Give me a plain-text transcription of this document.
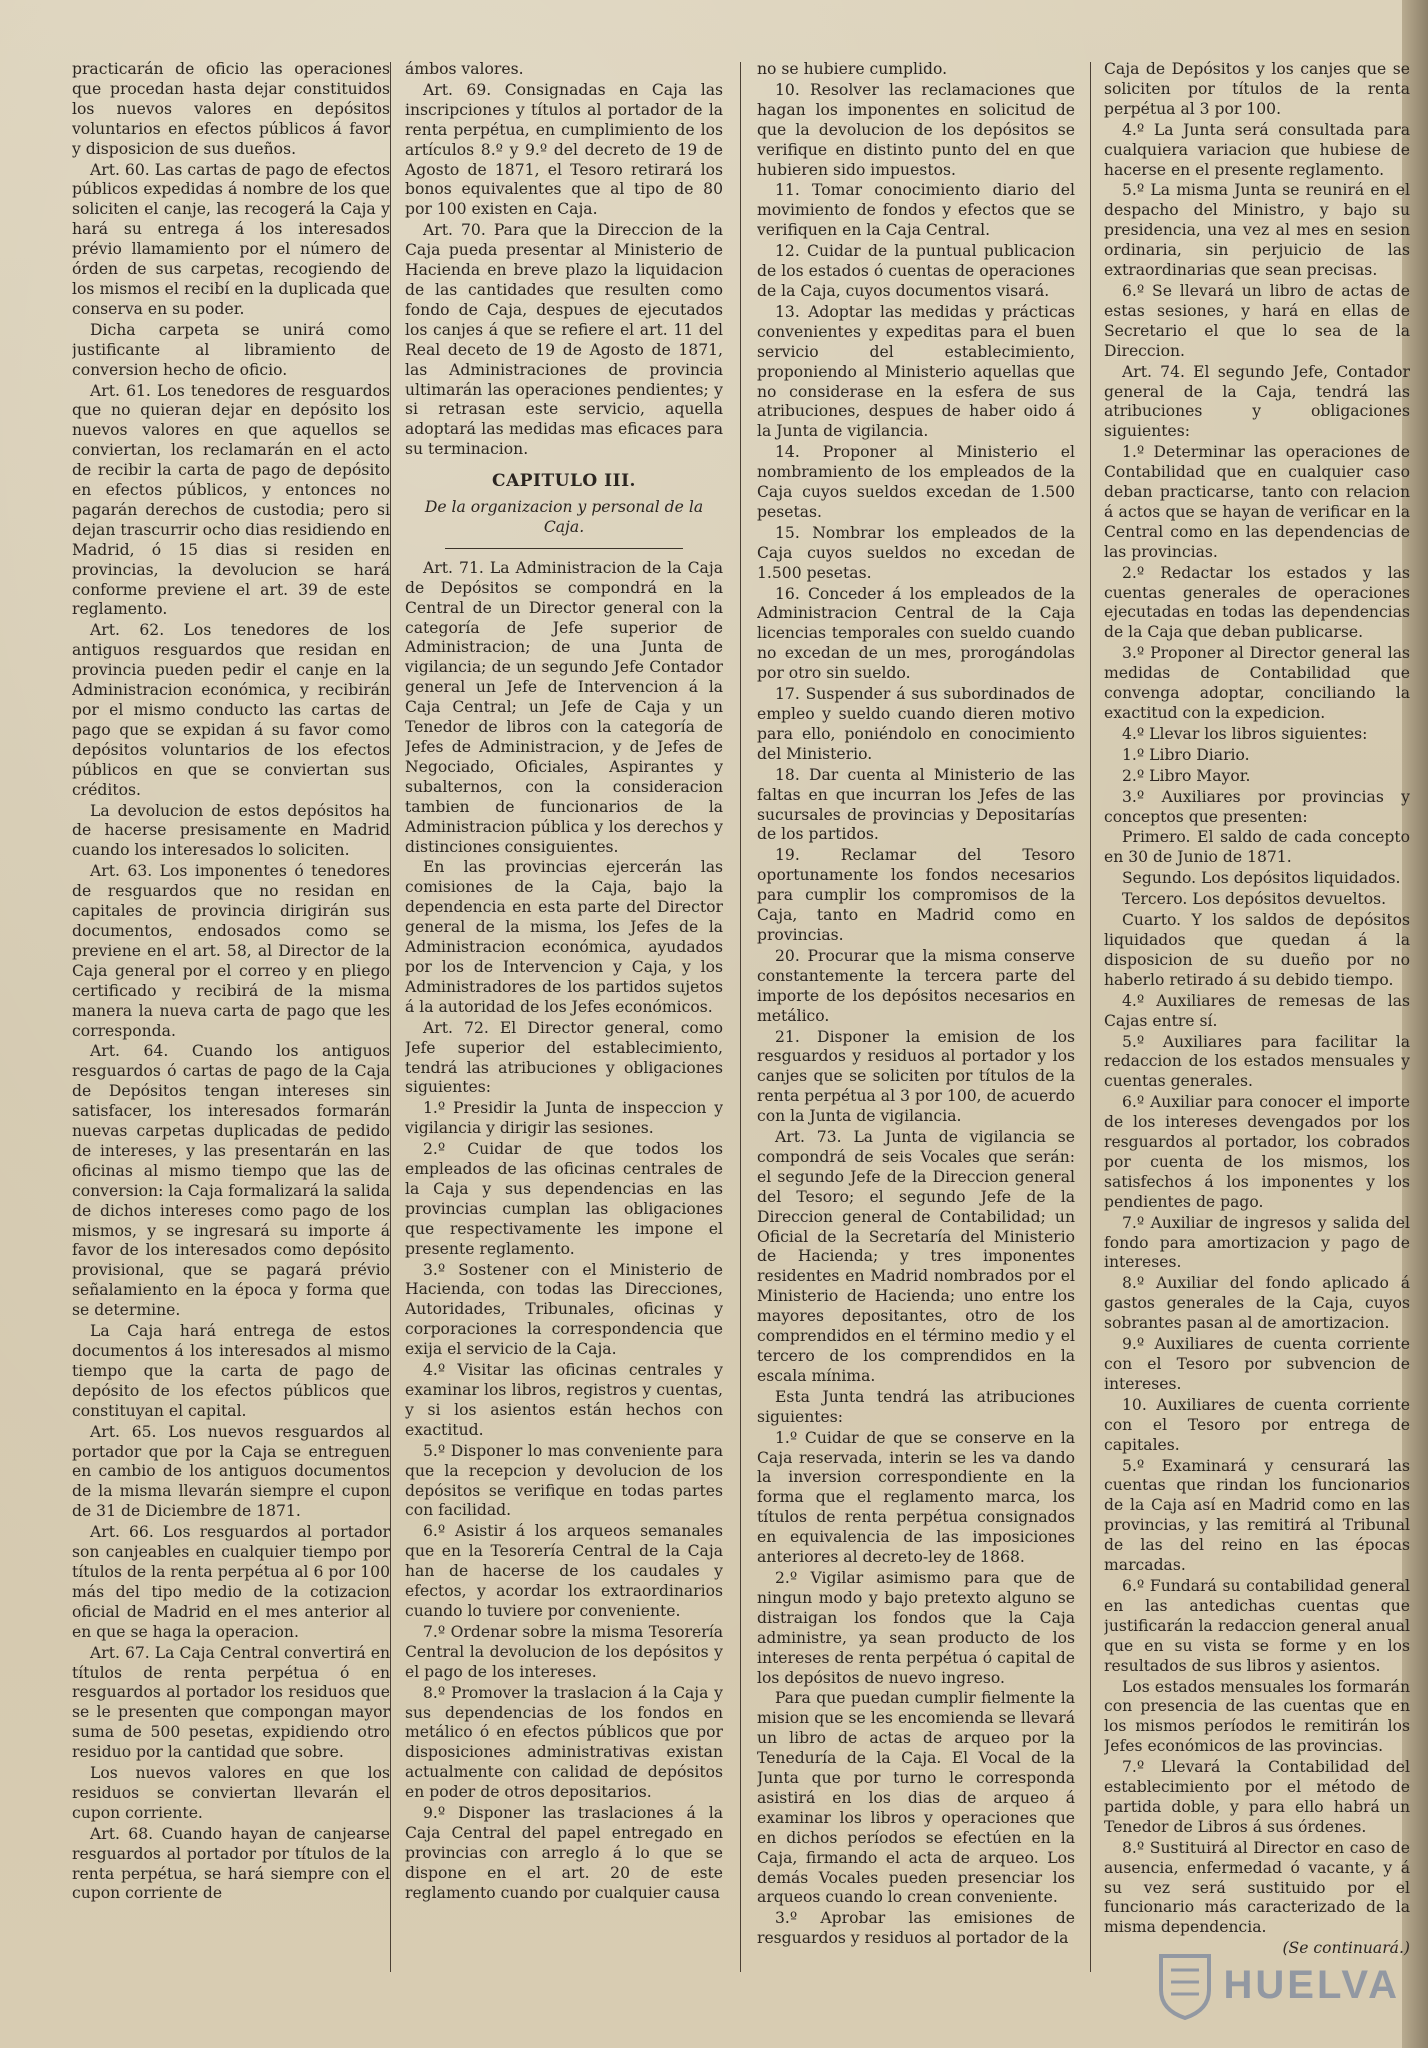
practicarán de oficio las operaciones que procedan hasta dejar constituidos los nuevos valores en depósitos voluntarios en efectos públicos á favor y disposicion de sus dueños.

Art. 60. Las cartas de pago de efectos públicos expedidas á nombre de los que soliciten el canje, las recogerá la Caja y hará su entrega á los interesados prévio llamamiento por el número de órden de sus carpetas, recogiendo de los mismos el recibí en la duplicada que conserva en su poder.

Dicha carpeta se unirá como justificante al libramiento de conversion hecho de oficio.

Art. 61. Los tenedores de resguardos que no quieran dejar en depósito los nuevos valores en que aquellos se conviertan, los reclamarán en el acto de recibir la carta de pago de depósito en efectos públicos, y entonces no pagarán derechos de custodia; pero si dejan trascurrir ocho dias residiendo en Madrid, ó 15 dias si residen en provincias, la devolucion se hará conforme previene el art. 39 de este reglamento.

Art. 62. Los tenedores de los antiguos resguardos que residan en provincia pueden pedir el canje en la Administracion económica, y recibirán por el mismo conducto las cartas de pago que se expidan á su favor como depósitos voluntarios de los efectos públicos en que se conviertan sus créditos.

La devolucion de estos depósitos ha de hacerse presisamente en Madrid cuando los interesados lo soliciten.

Art. 63. Los imponentes ó tenedores de resguardos que no residan en capitales de provincia dirigirán sus documentos, endosados como se previene en el art. 58, al Director de la Caja general por el correo y en pliego certificado y recibirá de la misma manera la nueva carta de pago que les corresponda.

Art. 64. Cuando los antiguos resguardos ó cartas de pago de la Caja de Depósitos tengan intereses sin satisfacer, los interesados formarán nuevas carpetas duplicadas de pedido de intereses, y las presentarán en las oficinas al mismo tiempo que las de conversion: la Caja formalizará la salida de dichos intereses como pago de los mismos, y se ingresará su importe á favor de los interesados como depósito provisional, que se pagará prévio señalamiento en la época y forma que se determine.

La Caja hará entrega de estos documentos á los interesados al mismo tiempo que la carta de pago de depósito de los efectos públicos que constituyan el capital.

Art. 65. Los nuevos resguardos al portador que por la Caja se entreguen en cambio de los antiguos documentos de la misma llevarán siempre el cupon de 31 de Diciembre de 1871.

Art. 66. Los resguardos al portador son canjeables en cualquier tiempo por títulos de la renta perpétua al 6 por 100 más del tipo medio de la cotizacion oficial de Madrid en el mes anterior al en que se haga la operacion.

Art. 67. La Caja Central convertirá en títulos de renta perpétua ó en resguardos al portador los residuos que se le presenten que compongan mayor suma de 500 pesetas, expidiendo otro residuo por la cantidad que sobre.

Los nuevos valores en que los residuos se conviertan llevarán el cupon corriente.

Art. 68. Cuando hayan de canjearse resguardos al portador por títulos de la renta perpétua, se hará siempre con el cupon corriente de

ámbos valores.

Art. 69. Consignadas en Caja las inscripciones y títulos al portador de la renta perpétua, en cumplimiento de los artículos 8.º y 9.º del decreto de 19 de Agosto de 1871, el Tesoro retirará los bonos equivalentes que al tipo de 80 por 100 existen en Caja.

Art. 70. Para que la Direccion de la Caja pueda presentar al Ministerio de Hacienda en breve plazo la liquidacion de las cantidades que resulten como fondo de Caja, despues de ejecutados los canjes á que se refiere el art. 11 del Real deceto de 19 de Agosto de 1871, las Administraciones de provincia ultimarán las operaciones pendientes; y si retrasan este servicio, aquella adoptará las medidas mas eficaces para su terminacion.

CAPITULO III.
De la organizacion y personal de la Caja.

Art. 71. La Administracion de la Caja de Depósitos se compondrá en la Central de un Director general con la categoría de Jefe superior de Administracion; de una Junta de vigilancia; de un segundo Jefe Contador general un Jefe de Intervencion á la Caja Central; un Jefe de Caja y un Tenedor de libros con la categoría de Jefes de Administracion, y de Jefes de Negociado, Oficiales, Aspirantes y subalternos, con la consideracion tambien de funcionarios de la Administracion pública y los derechos y distinciones consiguientes.

En las provincias ejercerán las comisiones de la Caja, bajo la dependencia en esta parte del Director general de la misma, los Jefes de la Administracion económica, ayudados por los de Intervencion y Caja, y los Administradores de los partidos sujetos á la autoridad de los Jefes económicos.

Art. 72. El Director general, como Jefe superior del establecimiento, tendrá las atribuciones y obligaciones siguientes:

1.º Presidir la Junta de inspeccion y vigilancia y dirigir las sesiones.

2.º Cuidar de que todos los empleados de las oficinas centrales de la Caja y sus dependencias en las provincias cumplan las obligaciones que respectivamente les impone el presente reglamento.

3.º Sostener con el Ministerio de Hacienda, con todas las Direcciones, Autoridades, Tribunales, oficinas y corporaciones la correspondencia que exija el servicio de la Caja.

4.º Visitar las oficinas centrales y examinar los libros, registros y cuentas, y si los asientos están hechos con exactitud.

5.º Disponer lo mas conveniente para que la recepcion y devolucion de los depósitos se verifique en todas partes con facilidad.

6.º Asistir á los arqueos semanales que en la Tesorería Central de la Caja han de hacerse de los caudales y efectos, y acordar los extraordinarios cuando lo tuviere por conveniente.

7.º Ordenar sobre la misma Tesorería Central la devolucion de los depósitos y el pago de los intereses.

8.º Promover la traslacion á la Caja y sus dependencias de los fondos en metálico ó en efectos públicos que por disposiciones administrativas existan actualmente con calidad de depósitos en poder de otros depositarios.

9.º Disponer las traslaciones á la Caja Central del papel entregado en provincias con arreglo á lo que se dispone en el art. 20 de este reglamento cuando por cualquier causa

no se hubiere cumplido.

10. Resolver las reclamaciones que hagan los imponentes en solicitud de que la devolucion de los depósitos se verifique en distinto punto del en que hubieren sido impuestos.

11. Tomar conocimiento diario del movimiento de fondos y efectos que se verifiquen en la Caja Central.

12. Cuidar de la puntual publicacion de los estados ó cuentas de operaciones de la Caja, cuyos documentos visará.

13. Adoptar las medidas y prácticas convenientes y expeditas para el buen servicio del establecimiento, proponiendo al Ministerio aquellas que no considerase en la esfera de sus atribuciones, despues de haber oido á la Junta de vigilancia.

14. Proponer al Ministerio el nombramiento de los empleados de la Caja cuyos sueldos excedan de 1.500 pesetas.

15. Nombrar los empleados de la Caja cuyos sueldos no excedan de 1.500 pesetas.

16. Conceder á los empleados de la Administracion Central de la Caja licencias temporales con sueldo cuando no excedan de un mes, prorogándolas por otro sin sueldo.

17. Suspender á sus subordinados de empleo y sueldo cuando dieren motivo para ello, poniéndolo en conocimiento del Ministerio.

18. Dar cuenta al Ministerio de las faltas en que incurran los Jefes de las sucursales de provincias y Depositarías de los partidos.

19. Reclamar del Tesoro oportunamente los fondos necesarios para cumplir los compromisos de la Caja, tanto en Madrid como en provincias.

20. Procurar que la misma conserve constantemente la tercera parte del importe de los depósitos necesarios en metálico.

21. Disponer la emision de los resguardos y residuos al portador y los canjes que se soliciten por títulos de la renta perpétua al 3 por 100, de acuerdo con la Junta de vigilancia.

Art. 73. La Junta de vigilancia se compondrá de seis Vocales que serán: el segundo Jefe de la Direccion general del Tesoro; el segundo Jefe de la Direccion general de Contabilidad; un Oficial de la Secretaría del Ministerio de Hacienda; y tres imponentes residentes en Madrid nombrados por el Ministerio de Hacienda; uno entre los mayores depositantes, otro de los comprendidos en el término medio y el tercero de los comprendidos en la escala mínima.

Esta Junta tendrá las atribuciones siguientes:

1.º Cuidar de que se conserve en la Caja reservada, interin se les va dando la inversion correspondiente en la forma que el reglamento marca, los títulos de renta perpétua consignados en equivalencia de las imposiciones anteriores al decreto-ley de 1868.

2.º Vigilar asimismo para que de ningun modo y bajo pretexto alguno se distraigan los fondos que la Caja administre, ya sean producto de los intereses de renta perpétua ó capital de los depósitos de nuevo ingreso.

Para que puedan cumplir fielmente la mision que se les encomienda se llevará un libro de actas de arqueo por la Teneduría de la Caja. El Vocal de la Junta que por turno le corresponda asistirá en los dias de arqueo á examinar los libros y operaciones que en dichos períodos se efectúen en la Caja, firmando el acta de arqueo. Los demás Vocales pueden presenciar los arqueos cuando lo crean conveniente.

3.º Aprobar las emisiones de resguardos y residuos al portador de la

Caja de Depósitos y los canjes que se soliciten por títulos de la renta perpétua al 3 por 100.

4.º La Junta será consultada para cualquiera variacion que hubiese de hacerse en el presente reglamento.

5.º La misma Junta se reunirá en el despacho del Ministro, y bajo su presidencia, una vez al mes en sesion ordinaria, sin perjuicio de las extraordinarias que sean precisas.

6.º Se llevará un libro de actas de estas sesiones, y hará en ellas de Secretario el que lo sea de la Direccion.

Art. 74. El segundo Jefe, Contador general de la Caja, tendrá las atribuciones y obligaciones siguientes:

1.º Determinar las operaciones de Contabilidad que en cualquier caso deban practicarse, tanto con relacion á actos que se hayan de verificar en la Central como en las dependencias de las provincias.

2.º Redactar los estados y las cuentas generales de operaciones ejecutadas en todas las dependencias de la Caja que deban publicarse.

3.º Proponer al Director general las medidas de Contabilidad que convenga adoptar, conciliando la exactitud con la expedicion.

4.º Llevar los libros siguientes:

1.º Libro Diario.

2.º Libro Mayor.

3.º Auxiliares por provincias y conceptos que presenten:

Primero. El saldo de cada concepto en 30 de Junio de 1871.

Segundo. Los depósitos liquidados.

Tercero. Los depósitos devueltos.

Cuarto. Y los saldos de depósitos liquidados que quedan á la disposicion de su dueño por no haberlo retirado á su debido tiempo.

4.º Auxiliares de remesas de las Cajas entre sí.

5.º Auxiliares para facilitar la redaccion de los estados mensuales y cuentas generales.

6.º Auxiliar para conocer el importe de los intereses devengados por los resguardos al portador, los cobrados por cuenta de los mismos, los satisfechos á los imponentes y los pendientes de pago.

7.º Auxiliar de ingresos y salida del fondo para amortizacion y pago de intereses.

8.º Auxiliar del fondo aplicado á gastos generales de la Caja, cuyos sobrantes pasan al de amortizacion.

9.º Auxiliares de cuenta corriente con el Tesoro por subvencion de intereses.

10. Auxiliares de cuenta corriente con el Tesoro por entrega de capitales.

5.º Examinará y censurará las cuentas que rindan los funcionarios de la Caja así en Madrid como en las provincias, y las remitirá al Tribunal de las del reino en las épocas marcadas.

6.º Fundará su contabilidad general en las antedichas cuentas que justificarán la redaccion general anual que en su vista se forme y en los resultados de sus libros y asientos.

Los estados mensuales los formarán con presencia de las cuentas que en los mismos períodos le remitirán los Jefes económicos de las provincias.

7.º Llevará la Contabilidad del establecimiento por el método de partida doble, y para ello habrá un Tenedor de Libros á sus órdenes.

8.º Sustituirá al Director en caso de ausencia, enfermedad ó vacante, y á su vez será sustituido por el funcionario más caracterizado de la misma dependencia.

(Se continuará.)

HUELVA
